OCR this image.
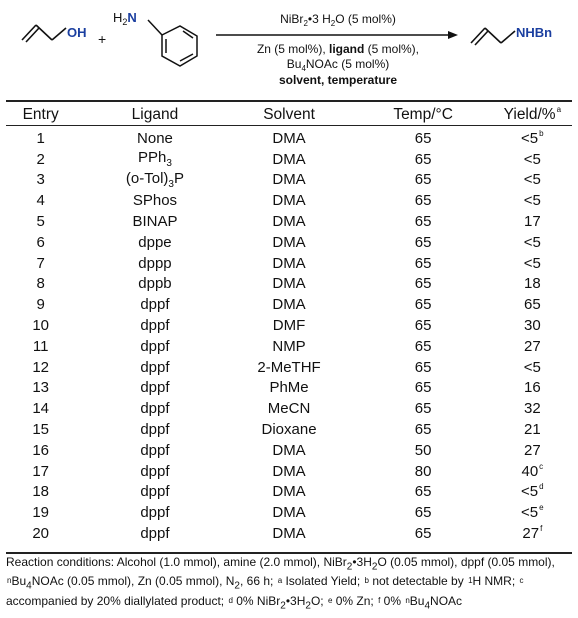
OH +
$H_2N$	NiBr$_2$•3 $H_2O$ (5 mol%)
Zn (5 mol%), ligand (5 mol%),
$Bu_4NOAc$ (5 mol%)
solvent, temperature
NHBn
Entry	Ligand	Solvent	Temp/°C	Yield/%$^a$
1	None	DMA	65	$<5^b$
2	PPh$_3$	DMA	65	<5
3	$(o-Tol)_3P$	DMA	65	<5
4	SPhos	DMA	65	<5
5	BINAP	DMA	65	17
6	dppe	DMA	65	<5
7	dppp	DMA	65	<5
8	dppb	DMA	65	18
9	dppf	DMA	65	65
10	dppf	DMF	65	30
11	dppf	NMP	65	27
12	dppf	2-MeTHF	65	<5
13	dppf	PhMe	65	16
14	dppf	MeCN	65	32
15	dppf	Dioxane	65	21
16	dppf	DMA	50	27
17	dppf	DMA	80	40$^c$
18	dppf	DMA	65	$<5^d$
19	dppf	DMA	65	$<5^e$
20	dppf	DMA	65	27$^f$
Reaction conditions: Alcohol (1.0 mmol), amine (2.0 mmol), $NiBr_2•3H_2O$ (0.05 mmol), dppf (0.05 mmol), $^nBu_4NOAc$ (0.05 mmol), Zn (0.05 mmol), $N_2$, 66 h; $^a$ Isolated Yield; $^b$ not detectable by $^1$H NMR; $^c$ accompanied by 20% diallylated product; $^d$ 0% $NiBr_2•3H_2O$; $^e$ 0% Zn; $^f$ 0% $^nBu_4NOAc$
